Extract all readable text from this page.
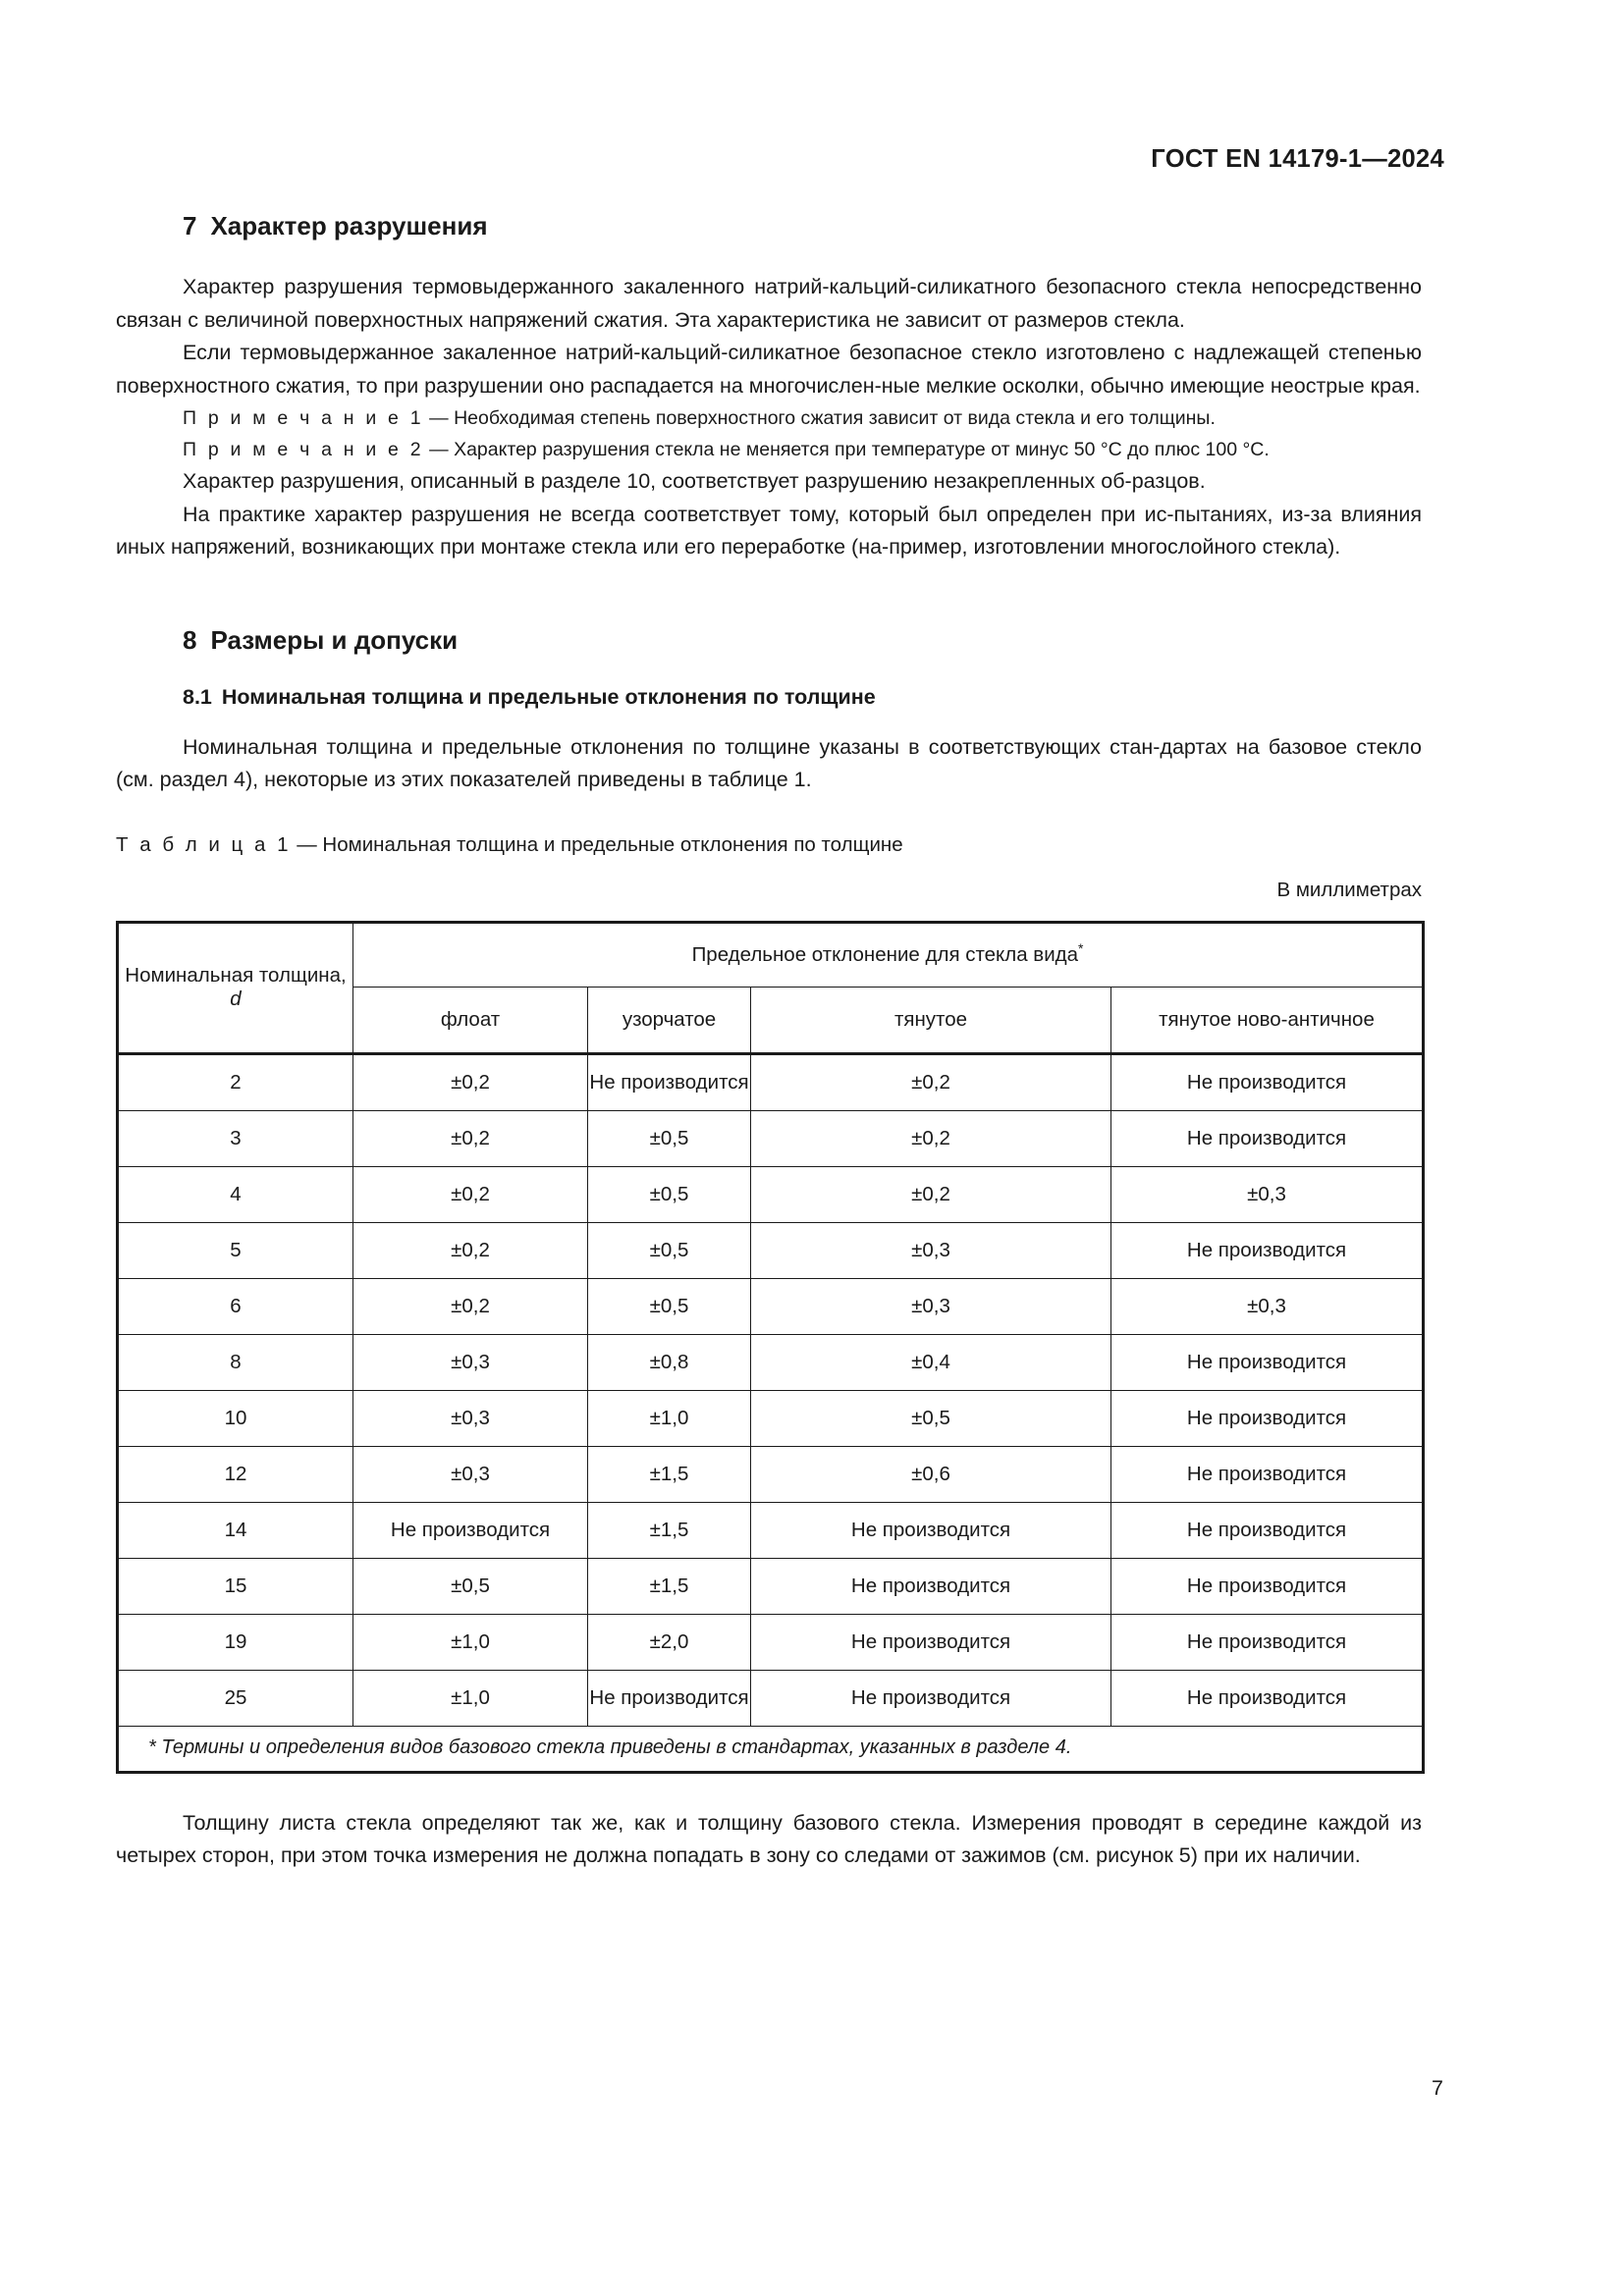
ГОСТ EN 14179-1—2024
7 Характер разрушения

Характер разрушения термовыдержанного закаленного натрий-кальций-силикатного безопасного стекла непосредственно связан с величиной поверхностных напряжений сжатия. Эта характеристика не зависит от размеров стекла.

Если термовыдержанное закаленное натрий-кальций-силикатное безопасное стекло изготовлено с надлежащей степенью поверхностного сжатия, то при разрушении оно распадается на многочислен-ные мелкие осколки, обычно имеющие неострые края.

П р и м е ч а н и е 1 — Необходимая степень поверхностного сжатия зависит от вида стекла и его толщины.

П р и м е ч а н и е 2 — Характер разрушения стекла не меняется при температуре от минус 50 °C до плюс 100 °C.

Характер разрушения, описанный в разделе 10, соответствует разрушению незакрепленных об-разцов.

На практике характер разрушения не всегда соответствует тому, который был определен при ис-пытаниях, из-за влияния иных напряжений, возникающих при монтаже стекла или его переработке (на-пример, изготовлении многослойного стекла).

8 Размеры и допуски
8.1 Номинальная толщина и предельные отклонения по толщине

Номинальная толщина и предельные отклонения по толщине указаны в соответствующих стан-дартах на базовое стекло (см. раздел 4), некоторые из этих показателей приведены в таблице 1.

Т а б л и ц а 1 — Номинальная толщина и предельные отклонения по толщине

В миллиметрах

Номинальная толщина, d	Предельное отклонение для стекла вида*
	флоат	узорчатое	тянутое	тянутое ново-античное
2	±0,2	Не производится	±0,2	Не производится
3	±0,2	±0,5	±0,2	Не производится
4	±0,2	±0,5	±0,2	±0,3
5	±0,2	±0,5	±0,3	Не производится
6	±0,2	±0,5	±0,3	±0,3
8	±0,3	±0,8	±0,4	Не производится
10	±0,3	±1,0	±0,5	Не производится
12	±0,3	±1,5	±0,6	Не производится
14	Не производится	±1,5	Не производится	Не производится
15	±0,5	±1,5	Не производится	Не производится
19	±1,0	±2,0	Не производится	Не производится
25	±1,0	Не производится	Не производится	Не производится
* Термины и определения видов базового стекла приведены в стандартах, указанных в разделе 4.				

Толщину листа стекла определяют так же, как и толщину базового стекла. Измерения проводят в середине каждой из четырех сторон, при этом точка измерения не должна попадать в зону со следами от зажимов (см. рисунок 5) при их наличии.

7
